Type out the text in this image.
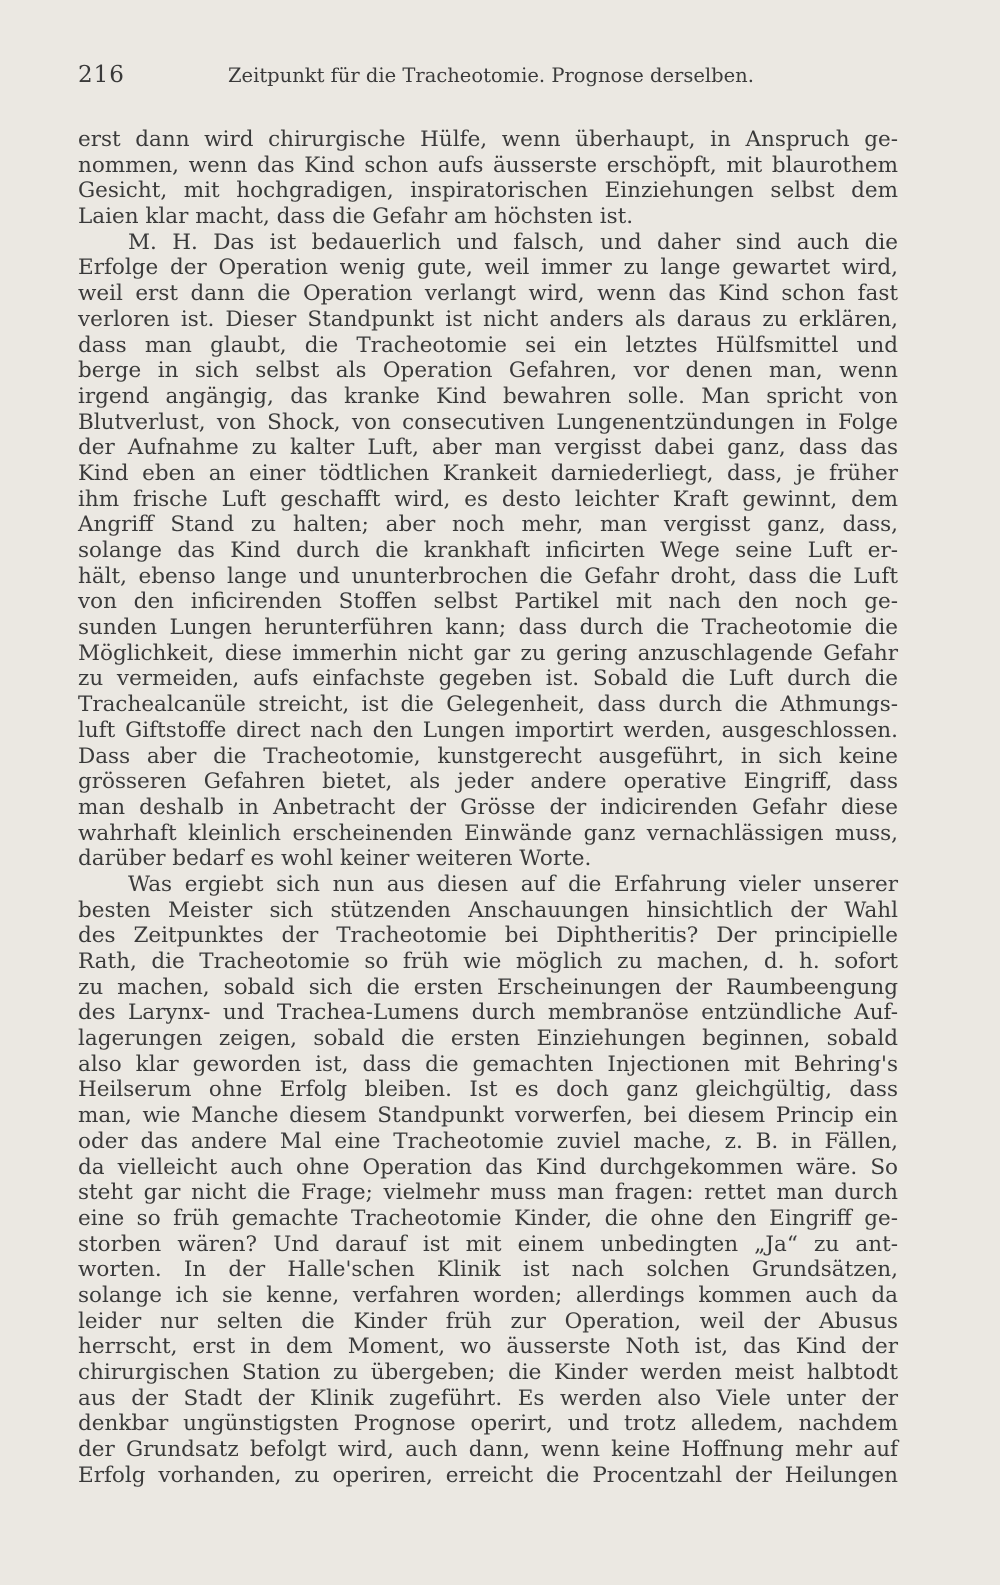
216	Zeitpunkt für die Tracheotomie. Prognose derselben.
erst dann wird chirurgische Hülfe, wenn überhaupt, in Anspruch ge-
nommen, wenn das Kind schon aufs äusserste erschöpft, mit blaurothem
Gesicht, mit hochgradigen, inspiratorischen Einziehungen selbst dem
Laien klar macht, dass die Gefahr am höchsten ist.
M. H. Das ist bedauerlich und falsch, und daher sind auch die
Erfolge der Operation wenig gute, weil immer zu lange gewartet wird,
weil erst dann die Operation verlangt wird, wenn das Kind schon fast
verloren ist. Dieser Standpunkt ist nicht anders als daraus zu erklären,
dass man glaubt, die Tracheotomie sei ein letztes Hülfsmittel und
berge in sich selbst als Operation Gefahren, vor denen man, wenn
irgend angängig, das kranke Kind bewahren solle. Man spricht von
Blutverlust, von Shock, von consecutiven Lungenentzündungen in Folge
der Aufnahme zu kalter Luft, aber man vergisst dabei ganz, dass das
Kind eben an einer tödtlichen Krankeit darniederliegt, dass, je früher
ihm frische Luft geschafft wird, es desto leichter Kraft gewinnt, dem
Angriff Stand zu halten; aber noch mehr, man vergisst ganz, dass,
solange das Kind durch die krankhaft inficirten Wege seine Luft er-
hält, ebenso lange und ununterbrochen die Gefahr droht, dass die Luft
von den inficirenden Stoffen selbst Partikel mit nach den noch ge-
sunden Lungen herunterführen kann; dass durch die Tracheotomie die
Möglichkeit, diese immerhin nicht gar zu gering anzuschlagende Gefahr
zu vermeiden, aufs einfachste gegeben ist. Sobald die Luft durch die
Trachealcanüle streicht, ist die Gelegenheit, dass durch die Athmungs-
luft Giftstoffe direct nach den Lungen importirt werden, ausgeschlossen.
Dass aber die Tracheotomie, kunstgerecht ausgeführt, in sich keine
grösseren Gefahren bietet, als jeder andere operative Eingriff, dass
man deshalb in Anbetracht der Grösse der indicirenden Gefahr diese
wahrhaft kleinlich erscheinenden Einwände ganz vernachlässigen muss,
darüber bedarf es wohl keiner weiteren Worte.
Was ergiebt sich nun aus diesen auf die Erfahrung vieler unserer
besten Meister sich stützenden Anschauungen hinsichtlich der Wahl
des Zeitpunktes der Tracheotomie bei Diphtheritis? Der principielle
Rath, die Tracheotomie so früh wie möglich zu machen, d. h. sofort
zu machen, sobald sich die ersten Erscheinungen der Raumbeengung
des Larynx- und Trachea-Lumens durch membranöse entzündliche Auf-
lagerungen zeigen, sobald die ersten Einziehungen beginnen, sobald
also klar geworden ist, dass die gemachten Injectionen mit Behring's
Heilserum ohne Erfolg bleiben. Ist es doch ganz gleichgültig, dass
man, wie Manche diesem Standpunkt vorwerfen, bei diesem Princip ein
oder das andere Mal eine Tracheotomie zuviel mache, z. B. in Fällen,
da vielleicht auch ohne Operation das Kind durchgekommen wäre. So
steht gar nicht die Frage; vielmehr muss man fragen: rettet man durch
eine so früh gemachte Tracheotomie Kinder, die ohne den Eingriff ge-
storben wären? Und darauf ist mit einem unbedingten „Ja“ zu ant-
worten. In der Halle'schen Klinik ist nach solchen Grundsätzen,
solange ich sie kenne, verfahren worden; allerdings kommen auch da
leider nur selten die Kinder früh zur Operation, weil der Abusus
herrscht, erst in dem Moment, wo äusserste Noth ist, das Kind der
chirurgischen Station zu übergeben; die Kinder werden meist halbtodt
aus der Stadt der Klinik zugeführt. Es werden also Viele unter der
denkbar ungünstigsten Prognose operirt, und trotz alledem, nachdem
der Grundsatz befolgt wird, auch dann, wenn keine Hoffnung mehr auf
Erfolg vorhanden, zu operiren, erreicht die Procentzahl der Heilungen
